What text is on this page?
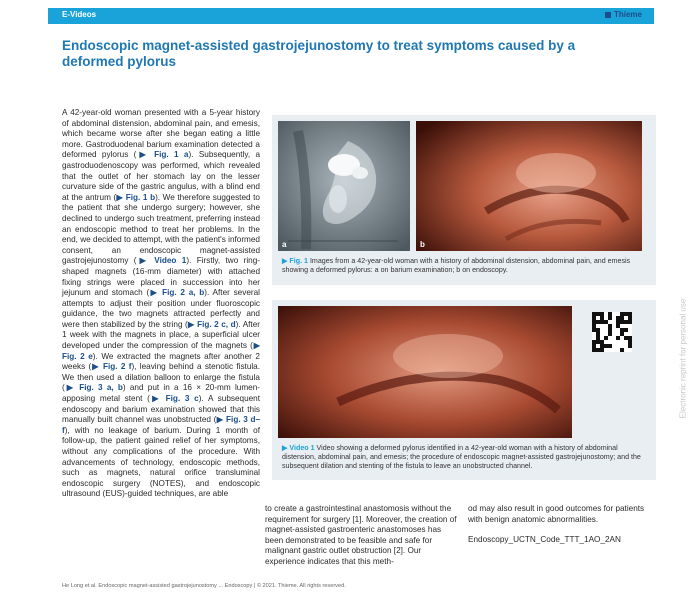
E-Videos	Thieme
Endoscopic magnet-assisted gastrojejunostomy to treat symptoms caused by a deformed pylorus
A 42-year-old woman presented with a 5-year history of abdominal distension, abdominal pain, and emesis, which became worse after she began eating a little more. Gastroduodenal barium examination detected a deformed pylorus (▶ Fig. 1 a). Subsequently, a gastroduodenoscopy was performed, which revealed that the outlet of her stomach lay on the lesser curvature side of the gastric angulus, with a blind end at the antrum (▶ Fig. 1 b). We therefore suggested to the patient that she undergo surgery; however, she declined to undergo such treatment, preferring instead an endoscopic method to treat her problems. In the end, we decided to attempt, with the patient's informed consent, an endoscopic magnet-assisted gastrojejunostomy (▶ Video 1). Firstly, two ring-shaped magnets (16-mm diameter) with attached fixing strings were placed in succession into her jejunum and stomach (▶ Fig. 2 a, b). After several attempts to adjust their position under fluoroscopic guidance, the two magnets attracted perfectly and were then stabilized by the string (▶ Fig. 2 c, d). After 1 week with the magnets in place, a superficial ulcer developed under the compression of the magnets (▶ Fig. 2 e). We extracted the magnets after another 2 weeks (▶ Fig. 2 f), leaving behind a stenotic fistula. We then used a dilation balloon to enlarge the fistula (▶ Fig. 3 a, b) and put in a 16 × 20-mm lumen-apposing metal stent (▶ Fig. 3 c). A subsequent endoscopy and barium examination showed that this manually built channel was unobstructed (▶ Fig. 3 d–f), with no leakage of barium. During 1 month of follow-up, the patient gained relief of her symptoms, without any complications of the procedure. With advancements of technology, endoscopic methods, such as magnets, natural orifice transluminal endoscopic surgery (NOTES), and endoscopic ultrasound (EUS)-guided techniques, are able
a	b
▶ Fig. 1 Images from a 42-year-old woman with a history of abdominal distension, abdominal pain, and emesis showing a deformed pylorus: a on barium examination; b on endoscopy.
▶ Video 1 Video showing a deformed pylorus identified in a 42-year-old woman with a history of abdominal distension, abdominal pain, and emesis; the procedure of endoscopic magnet-assisted gastrojejunostomy; and the subsequent dilation and stenting of the fistula to leave an unobstructed channel.
to create a gastrointestinal anastomosis without the requirement for surgery [1]. Moreover, the creation of magnet-assisted gastroenteric anastomoses has been demonstrated to be feasible and safe for malignant gastric outlet obstruction [2]. Our experience indicates that this meth-
od may also result in good outcomes for patients with benign anatomic abnormalities.
Endoscopy_UCTN_Code_TTT_1AO_2AN
Electronic reprint for personal use
He Long et al. Endoscopic magnet-assisted gastrojejunostomy ... Endoscopy | © 2021. Thieme. All rights reserved.
